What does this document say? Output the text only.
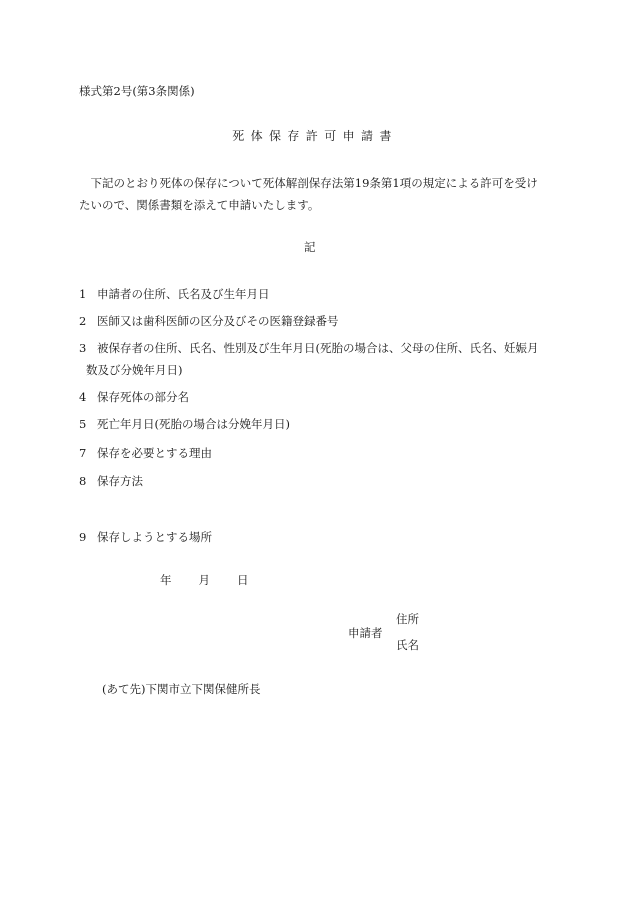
様式第2号(第3条関係)
死体保存許可申請書
　下記のとおり死体の保存について死体解剖保存法第19条第1項の規定による許可を受け
たいので、関係書類を添えて申請いたします。
記
1 申請者の住所、氏名及び生年月日
2 医師又は歯科医師の区分及びその医籍登録番号
3 被保存者の住所、氏名、性別及び生年月日(死胎の場合は、父母の住所、氏名、妊娠月
数及び分娩年月日)
4 保存死体の部分名
5 死亡年月日(死胎の場合は分娩年月日)
7 保存を必要とする理由
8 保存方法
9 保存しようとする場所
年 月 日
申請者
住所
氏名
(あて先)下関市立下関保健所長
